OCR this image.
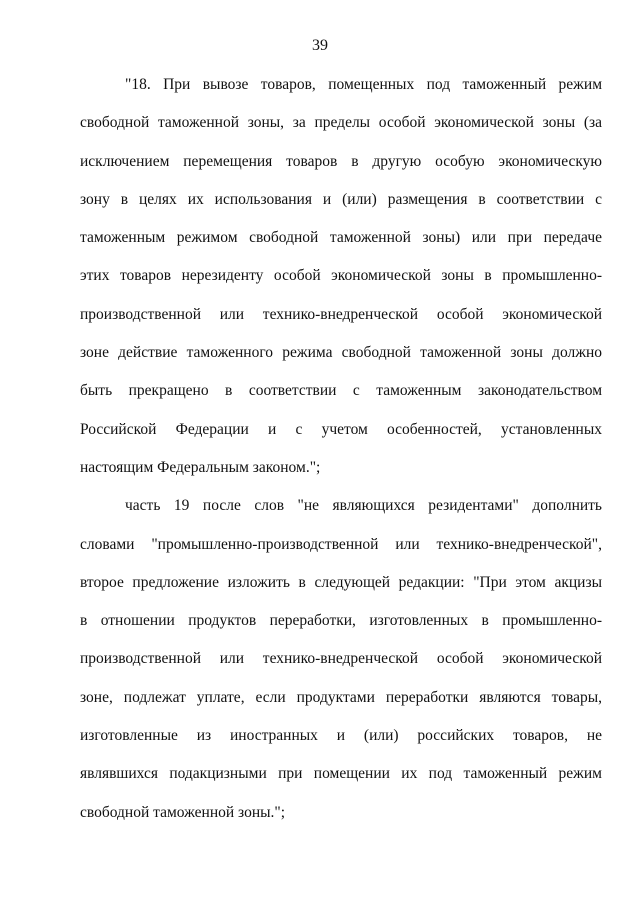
39
"18. При вывозе товаров, помещенных под таможенный режим
свободной таможенной зоны, за пределы особой экономической зоны (за
исключением перемещения товаров в другую особую экономическую
зону в целях их использования и (или) размещения в соответствии с
таможенным режимом свободной таможенной зоны) или при передаче
этих товаров нерезиденту особой экономической зоны в промышленно-
производственной или технико-внедренческой особой экономической
зоне действие таможенного режима свободной таможенной зоны должно
быть прекращено в соответствии с таможенным законодательством
Российской Федерации и с учетом особенностей, установленных
настоящим Федеральным законом.";
часть 19 после слов "не являющихся резидентами" дополнить
словами "промышленно-производственной или технико-внедренческой",
второе предложение изложить в следующей редакции: "При этом акцизы
в отношении продуктов переработки, изготовленных в промышленно-
производственной или технико-внедренческой особой экономической
зоне, подлежат уплате, если продуктами переработки являются товары,
изготовленные из иностранных и (или) российских товаров, не
являвшихся подакцизными при помещении их под таможенный режим
свободной таможенной зоны.";
